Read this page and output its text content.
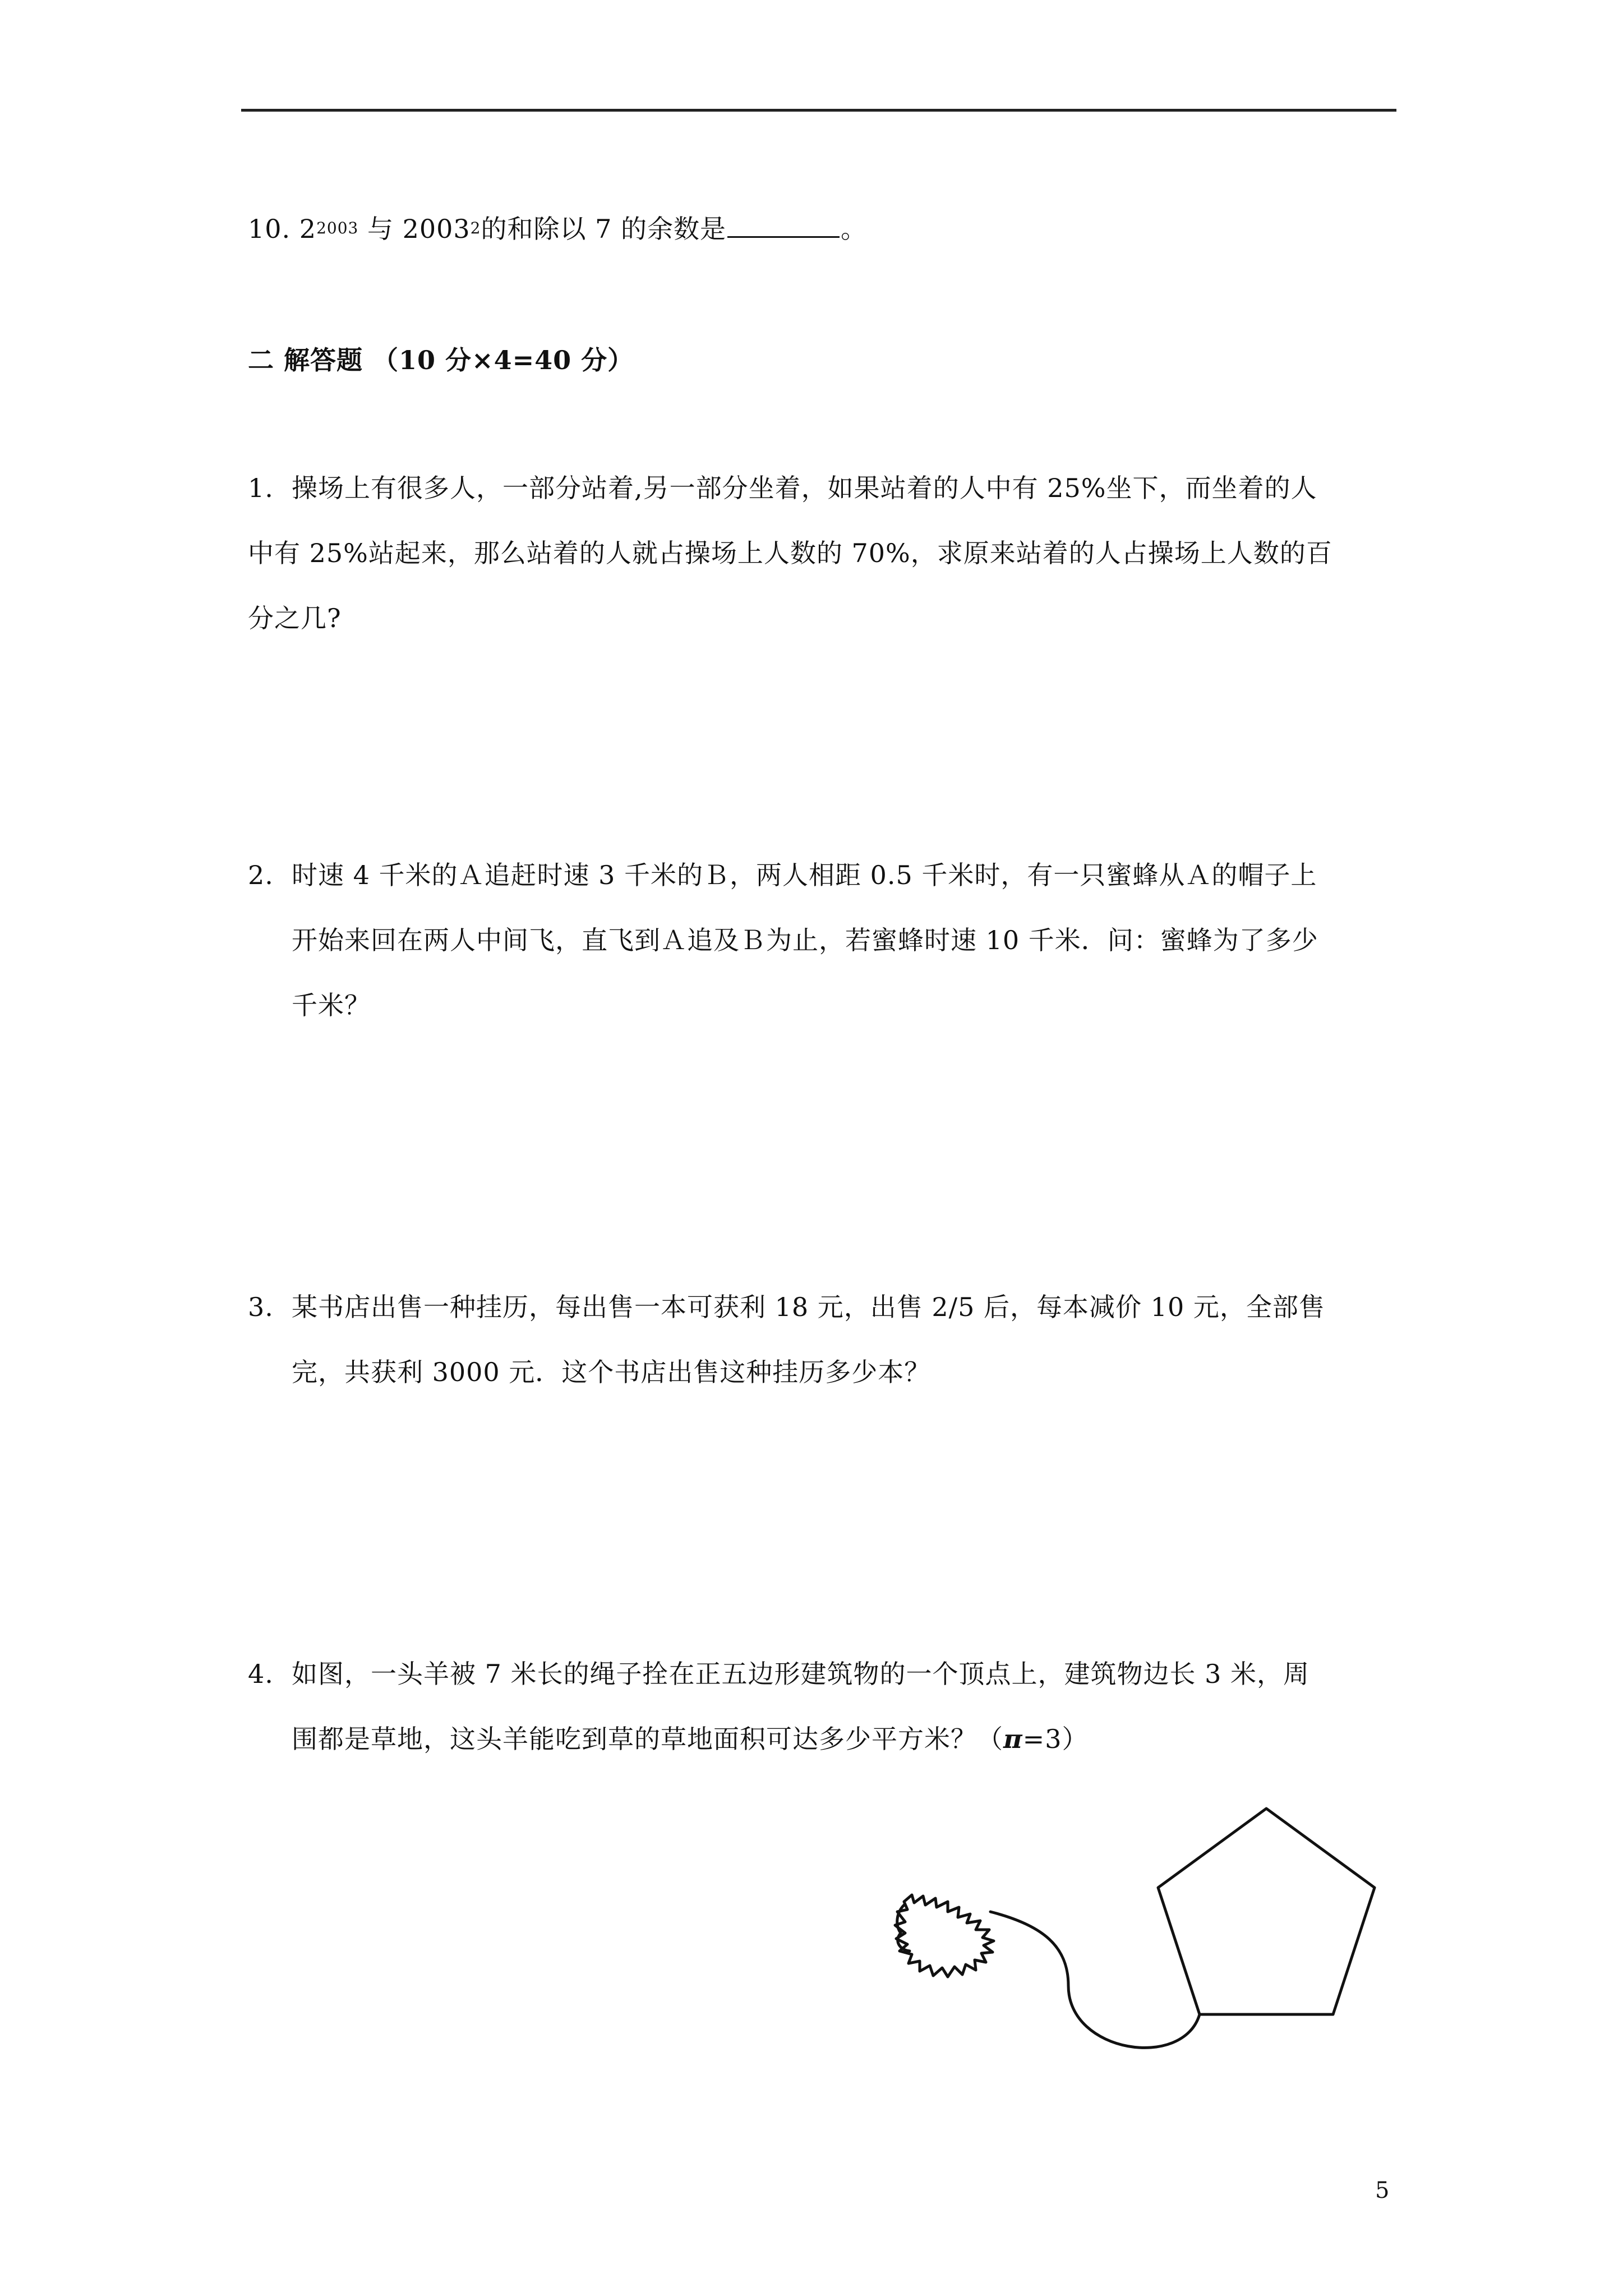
10. $2^{2003}$ 与 2003$^2$的和除以 7 的余数是	。
二 解答题 （10 分×4=40 分）
1. 操场上有很多人，一部分站着,另一部分坐着，如果站着的人中有 25%坐下，而坐着的人
中有 25%站起来，那么站着的人就占操场上人数的 70%，求原来站着的人占操场上人数的百
分之几?
2. 时速 4 千米的Ａ追赶时速 3 千米的Ｂ，两人相距 0.5 千米时，有一只蜜蜂从Ａ的帽子上
开始来回在两人中间飞，直飞到Ａ追及Ｂ为止，若蜜蜂时速 10 千米．问：蜜蜂为了多少
千米？
3. 某书店出售一种挂历，每出售一本可获利 18 元，出售 2/5 后，每本减价 10 元，全部售
完，共获利 3000 元．这个书店出售这种挂历多少本？
4. 如图，一头羊被 7 米长的绳子拴在正五边形建筑物的一个顶点上，建筑物边长 3 米，周
围都是草地，这头羊能吃到草的草地面积可达多少平方米？（π=3）
5
